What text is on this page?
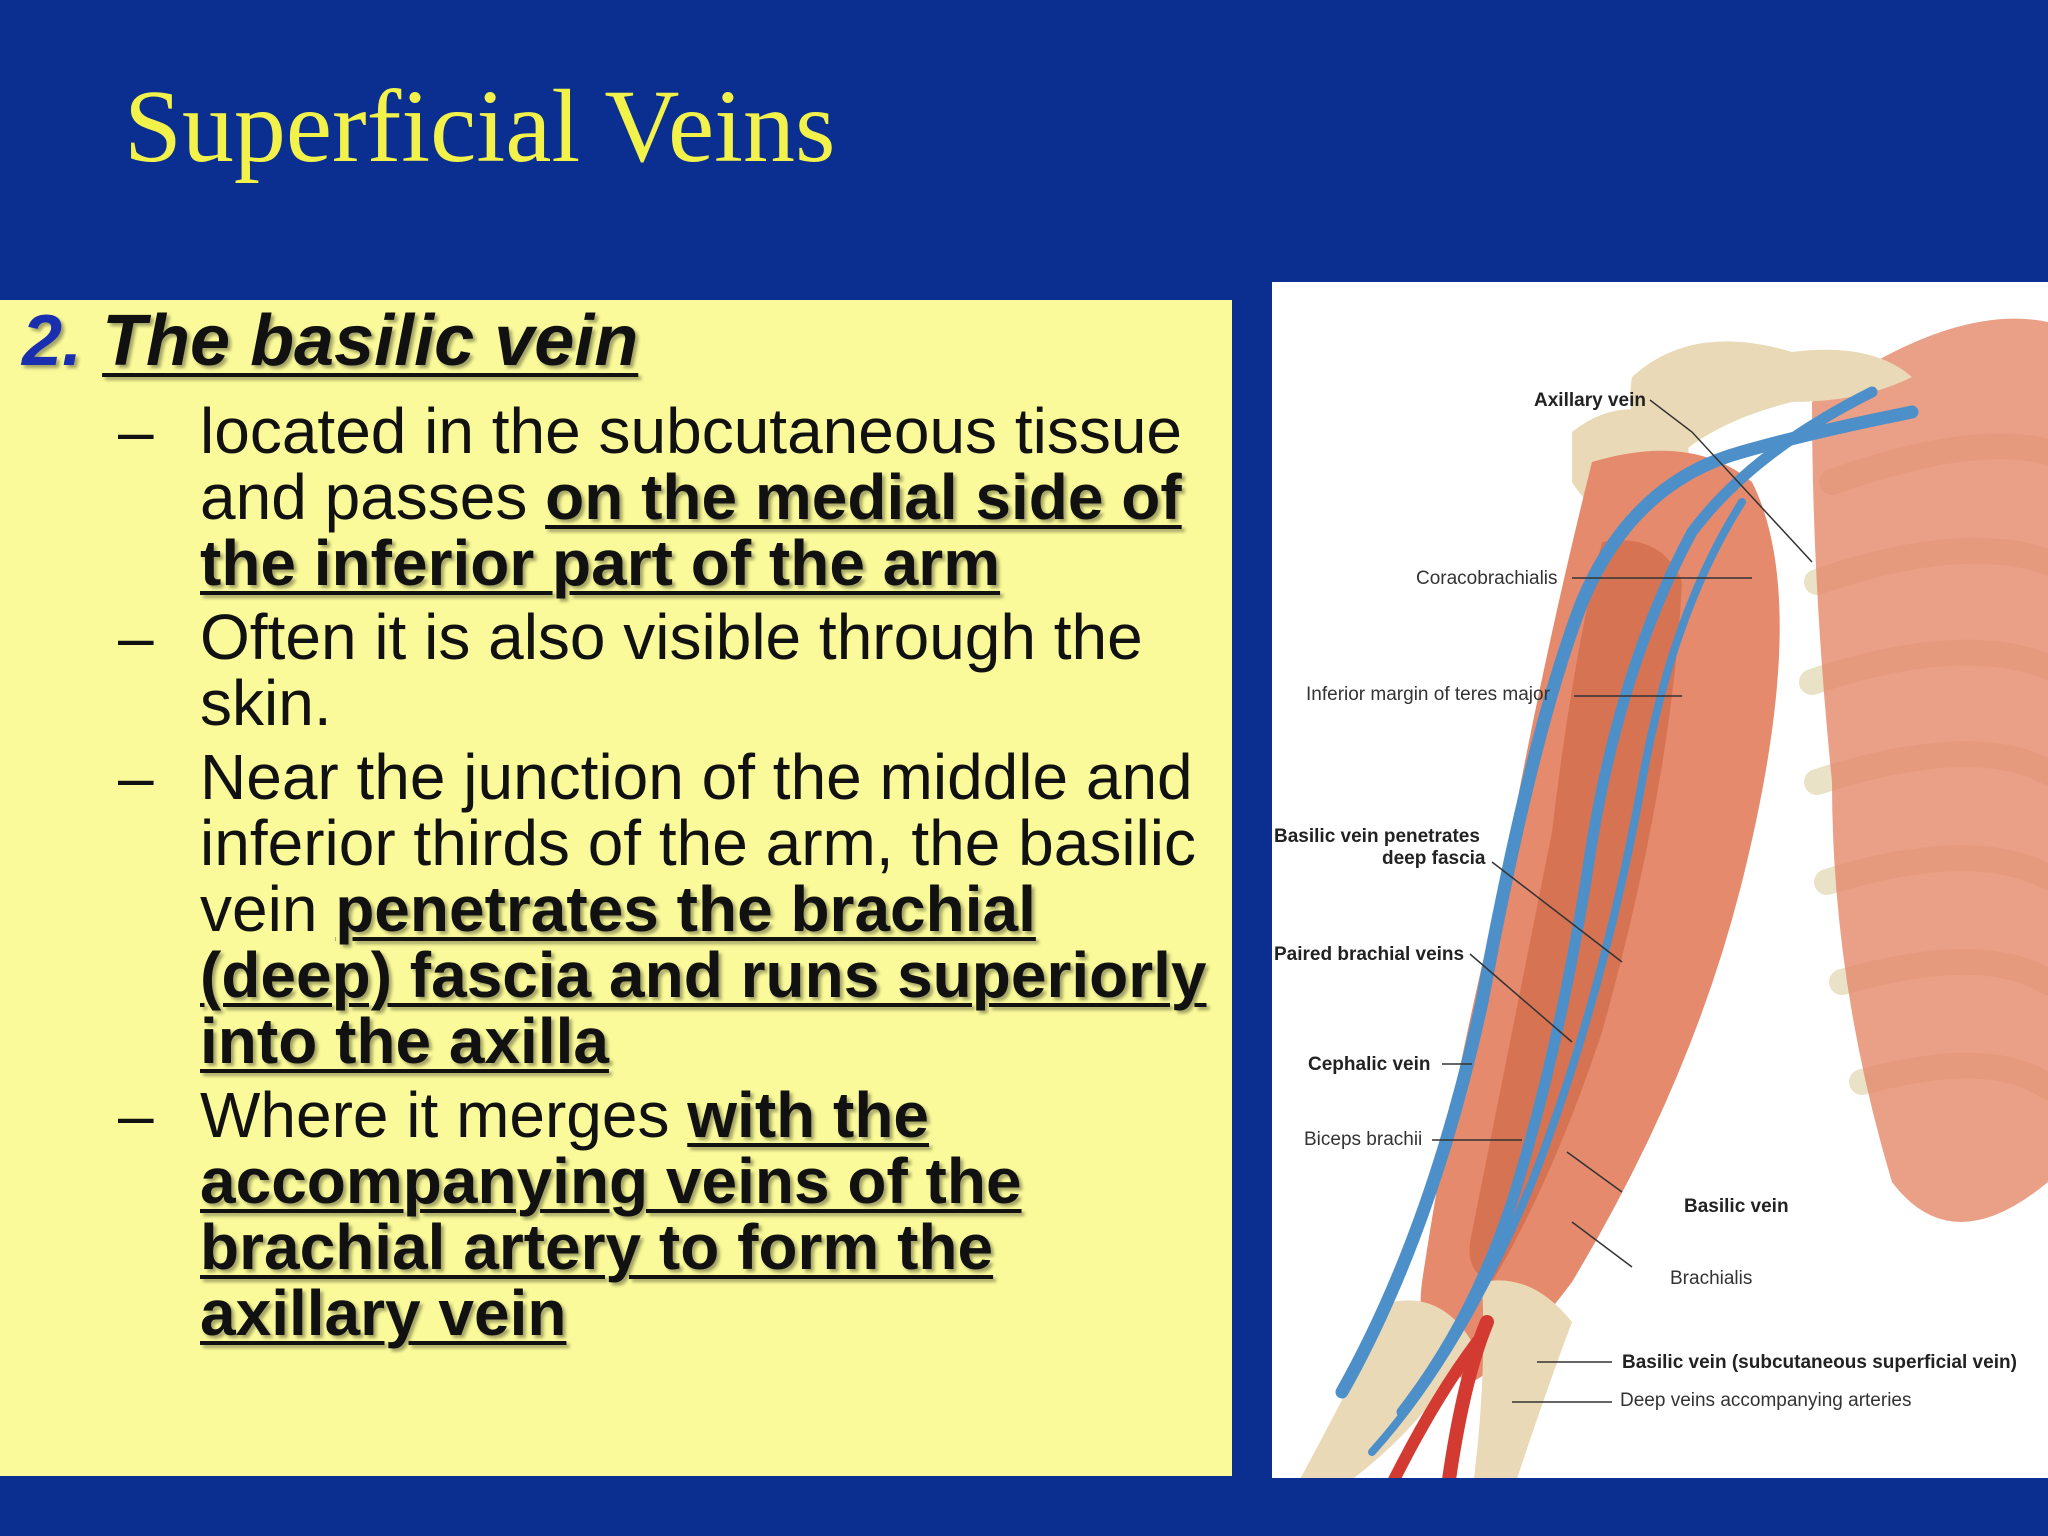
Superficial Veins
2. The basilic vein
– located in the subcutaneous tissue and passes on the medial side of the inferior part of the arm
– Often it is also visible through the skin.
– Near the junction of the middle and inferior thirds of the arm, the basilic vein penetrates the brachial (deep) fascia and runs superiorly into the axilla
– Where it merges with the accompanying veins of the brachial artery to form the axillary vein
Axillary vein
Coracobrachialis
Inferior margin of teres major
Basilic vein penetrates
deep fascia
Paired brachial veins
Cephalic vein
Biceps brachii
Basilic vein
Brachialis
Basilic vein (subcutaneous superficial vein)
Deep veins accompanying arteries
